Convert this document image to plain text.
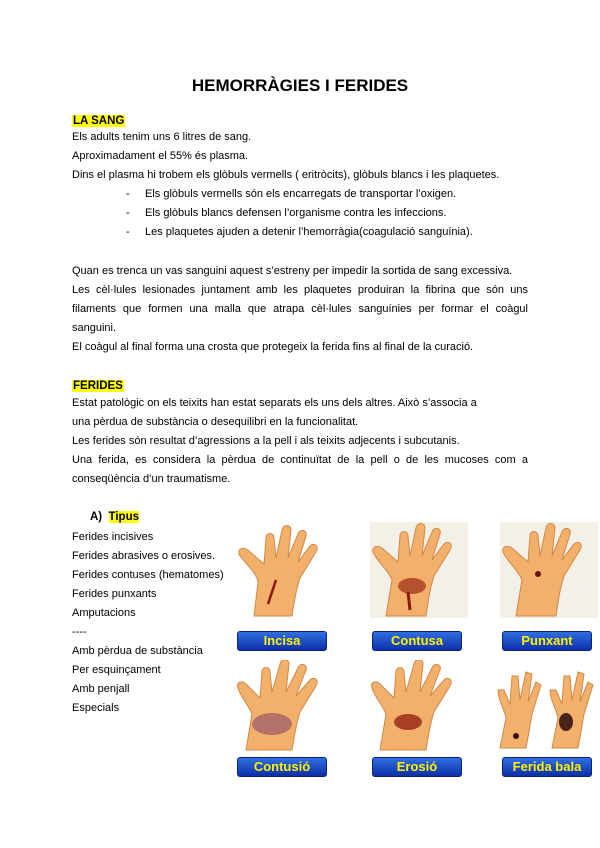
HEMORRÀGIES I FERIDES
LA SANG
Els adults tenim uns 6 litres de sang.
Aproximadament el 55% és plasma.
Dins el plasma hi trobem els glòbuls vermells ( eritròcits), glòbuls blancs i les plaquetes.
- Els glòbuls vermells són els encarregats de transportar l’oxigen.
- Els glòbuls blancs defensen l’organisme contra les infeccions.
- Les plaquetes ajuden a detenir l’hemorràgia(coagulació sanguínia).
Quan es trenca un vas sanguini aquest s’estreny per impedir la sortida de sang excessiva.
Les cèl·lules lesionades juntament amb les plaquetes produiran la fibrina que són uns
filaments que formen una malla que atrapa cèl·lules sanguínies per formar el coàgul
sanguini.
El coàgul al final forma una crosta que protegeix la ferida fins al final de la curació.
FERIDES
Estat patològic on els teixits han estat separats els uns dels altres. Això s’associa a
una pèrdua de substància o desequilibri en la funcionalitat.
Les ferides són resultat d’agressions a la pell i als teixits adjecents i subcutanis.
Una ferida, es considera la pèrdua de continuïtat de la pell o de les mucoses com a
conseqüència d’un traumatisme.
A) Tipus
Ferides incisives
Ferides abrasives o erosives.
Ferides contuses (hematomes)
Ferides punxants
Amputacions
----
Amb pèrdua de substància
Per esquinçament
Amb penjall
Especials
Incisa	Contusa	Punxant
Contusió	Erosió	Ferida bala
